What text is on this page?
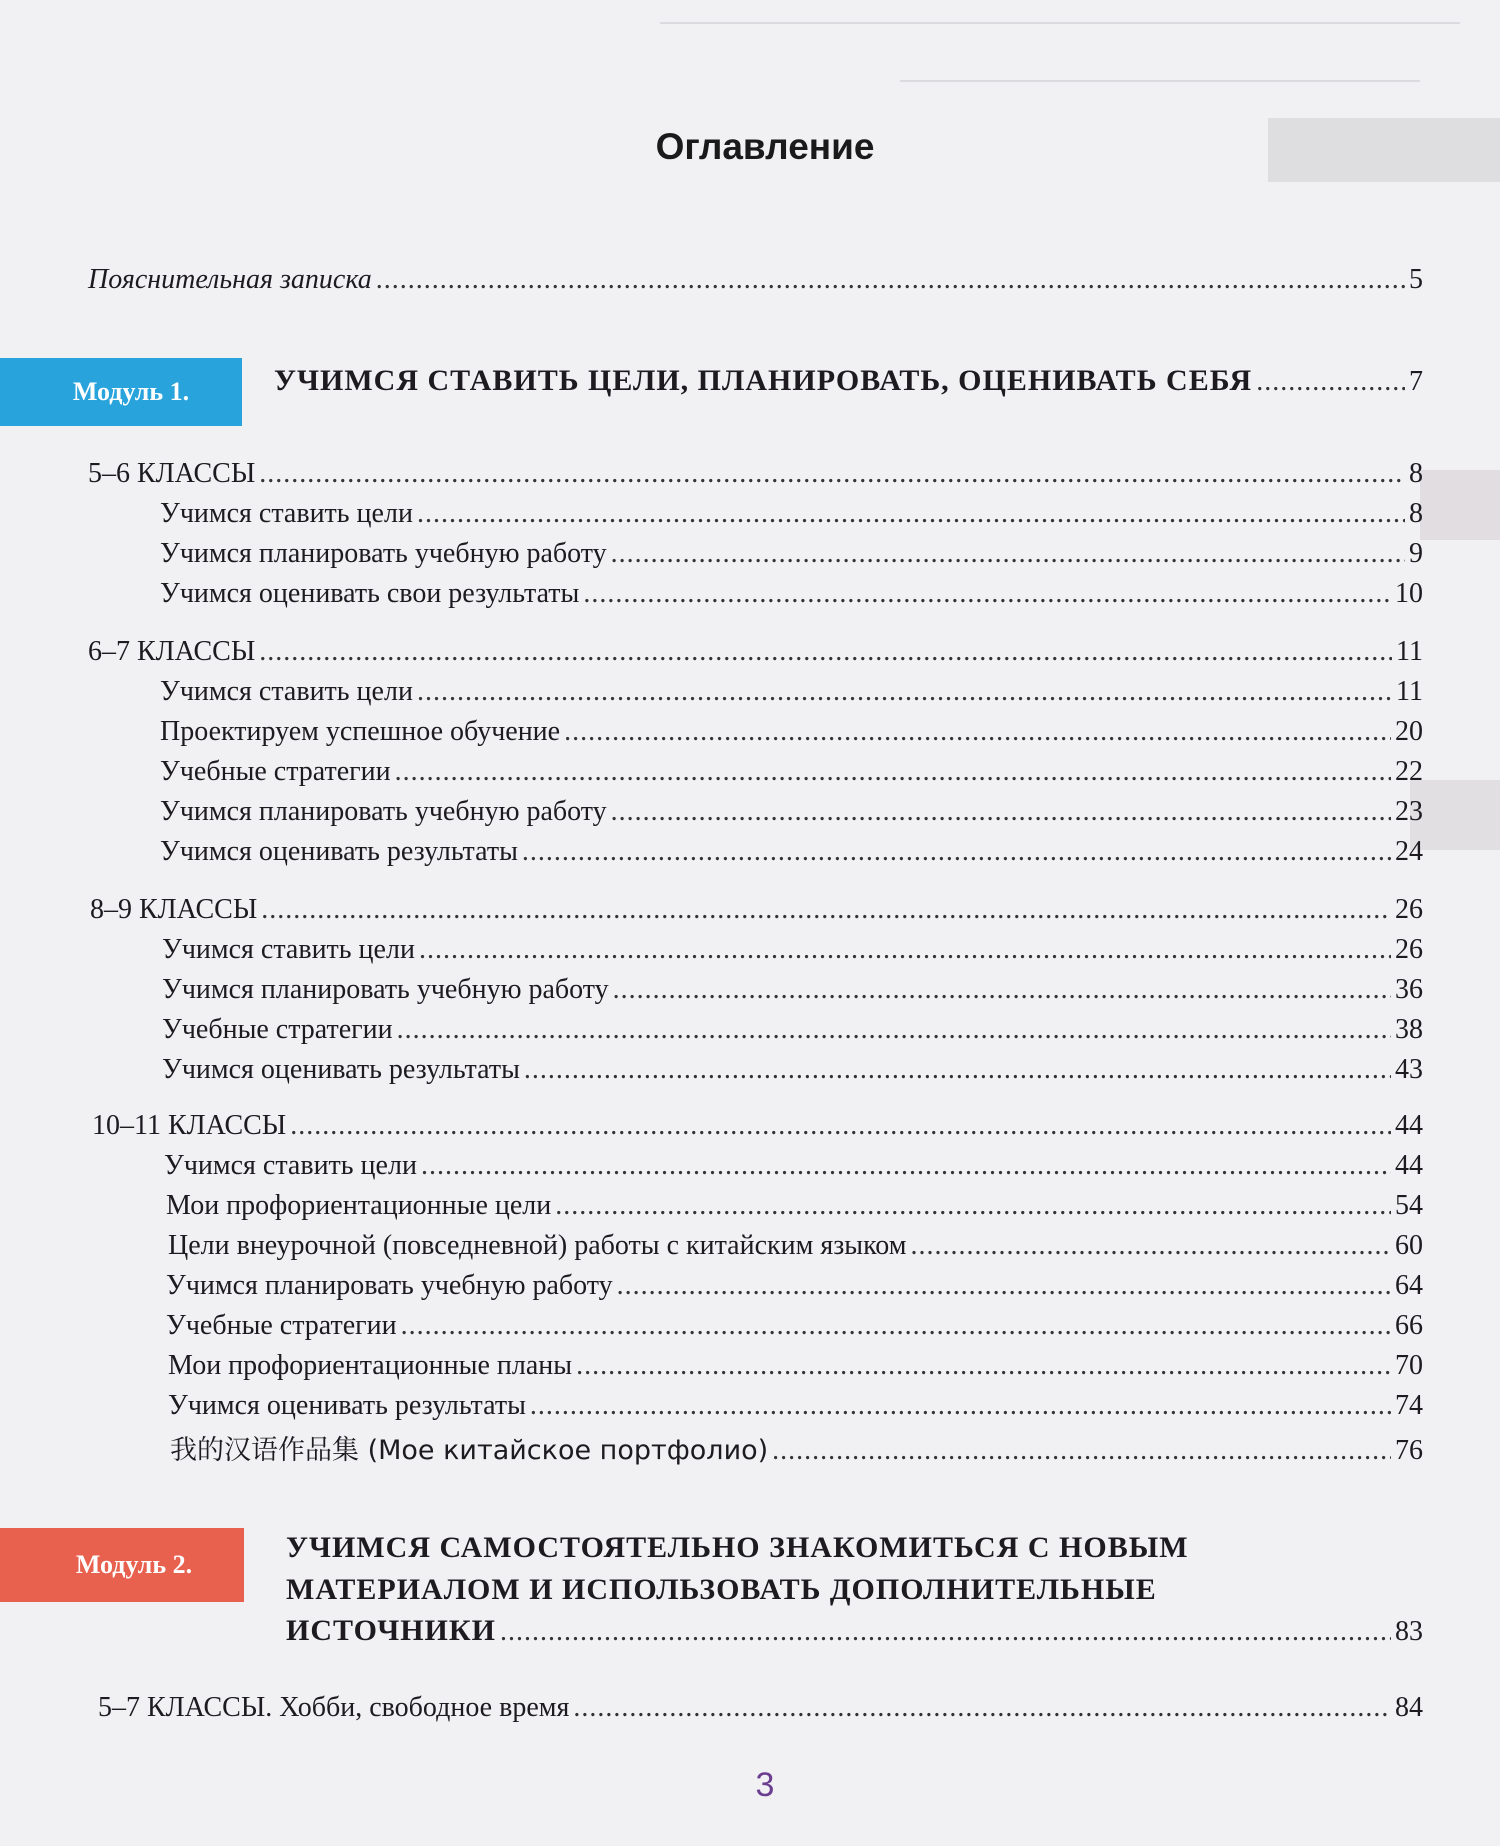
Оглавление
Пояснительная записка .....	5
Модуль 1.	УЧИМСЯ СТАВИТЬ ЦЕЛИ, ПЛАНИРОВАТЬ, ОЦЕНИВАТЬ СЕБЯ .....	7
5–6 КЛАССЫ .....	8
Учимся ставить цели .....	8
Учимся планировать учебную работу .....	9
Учимся оценивать свои результаты .....	10
6–7 КЛАССЫ .....	11
Учимся ставить цели .....	11
Проектируем успешное обучение .....	20
Учебные стратегии .....	22
Учимся планировать учебную работу .....	23
Учимся оценивать результаты .....	24
8–9 КЛАССЫ .....	26
Учимся ставить цели .....	26
Учимся планировать учебную работу .....	36
Учебные стратегии .....	38
Учимся оценивать результаты .....	43
10–11 КЛАССЫ .....	44
Учимся ставить цели .....	44
Мои профориентационные цели .....	54
Цели внеурочной (повседневной) работы с китайским языком .....	60
Учимся планировать учебную работу .....	64
Учебные стратегии .....	66
Мои профориентационные планы .....	70
Учимся оценивать результаты .....	74
我的汉语作品集 (Мое китайское портфолио) .....	76
Модуль 2.
УЧИМСЯ САМОСТОЯТЕЛЬНО ЗНАКОМИТЬСЯ С НОВЫМ
МАТЕРИАЛОМ И ИСПОЛЬЗОВАТЬ ДОПОЛНИТЕЛЬНЫЕ
ИСТОЧНИКИ .....	83
5–7 КЛАССЫ. Хобби, свободное время .....	84
3
